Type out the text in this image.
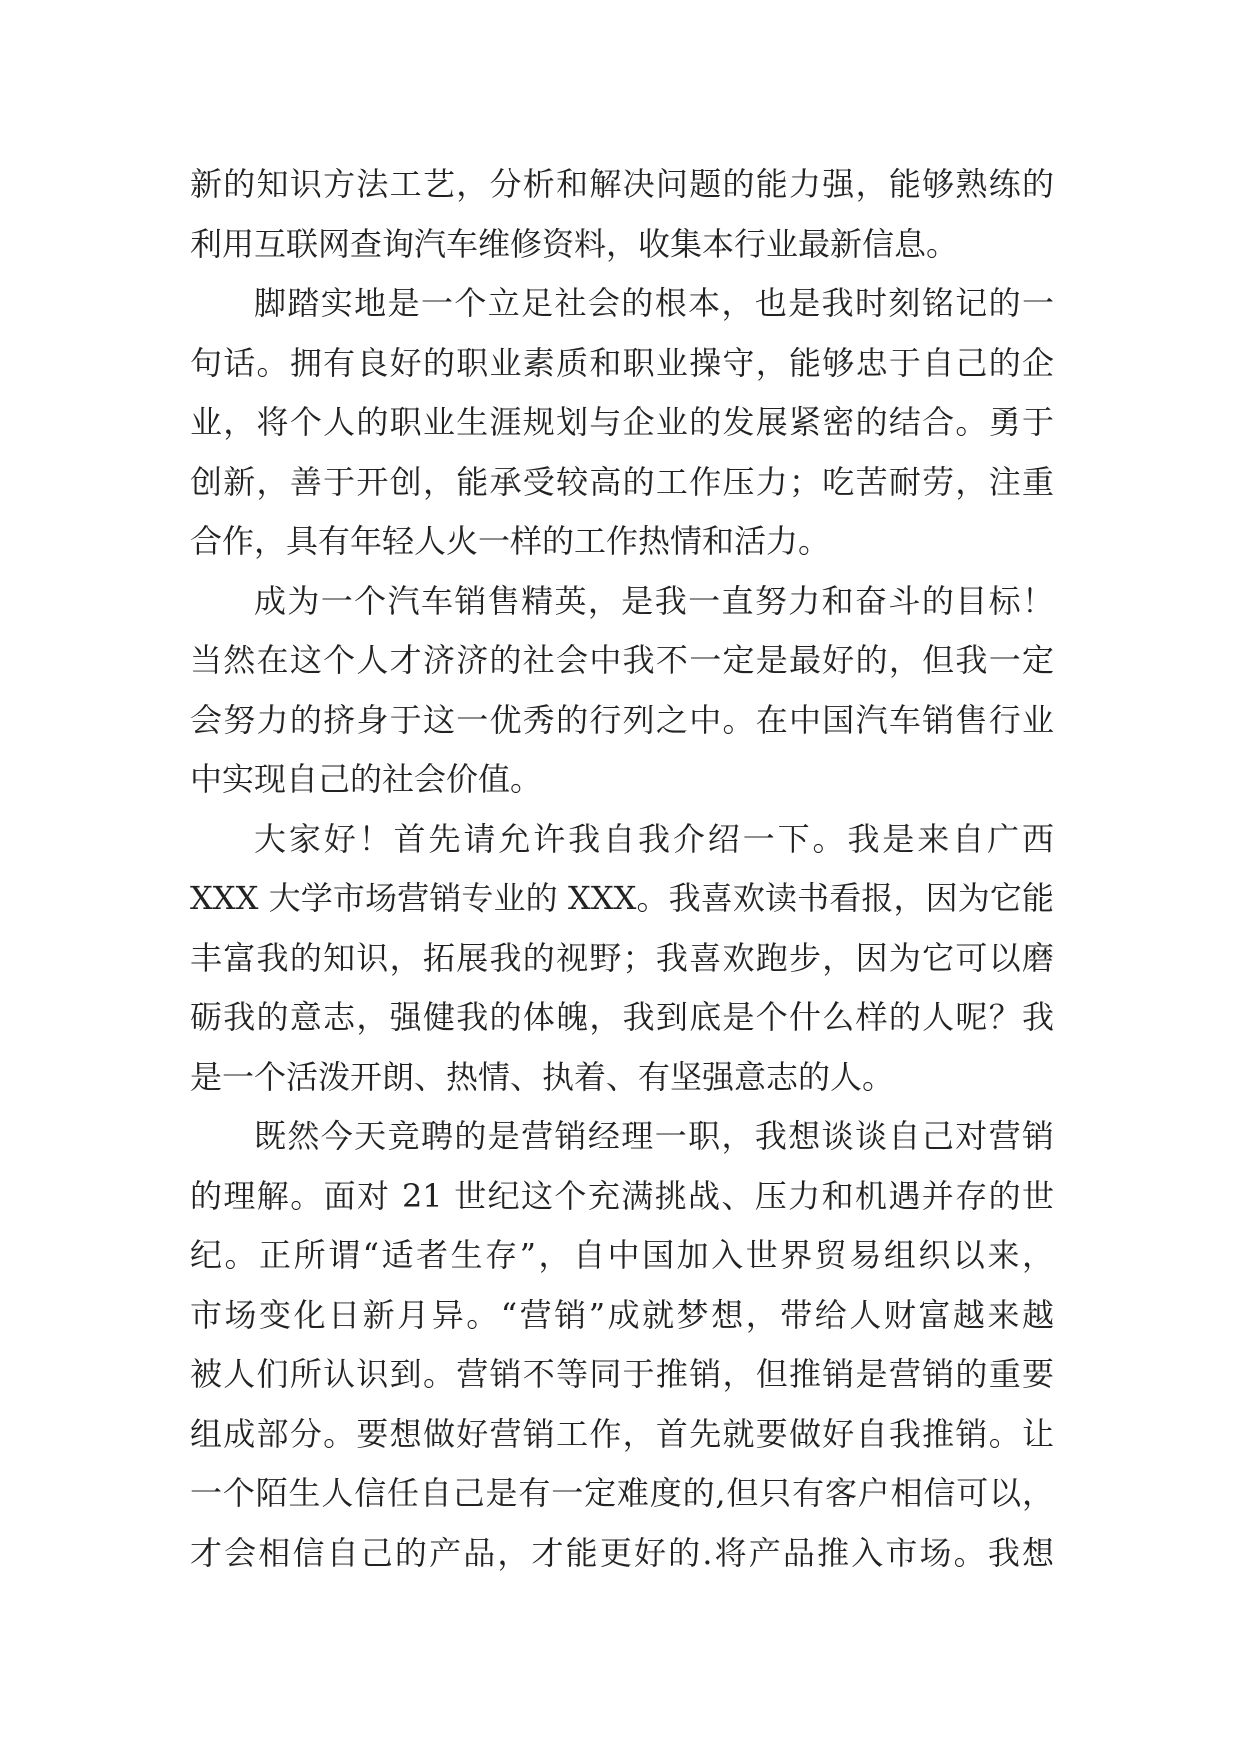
新的知识方法工艺，分析和解决问题的能力强，能够熟练的
利用互联网查询汽车维修资料，收集本行业最新信息。
脚踏实地是一个立足社会的根本，也是我时刻铭记的一
句话。拥有良好的职业素质和职业操守，能够忠于自己的企
业，将个人的职业生涯规划与企业的发展紧密的结合。勇于
创新，善于开创，能承受较高的工作压力；吃苦耐劳，注重
合作，具有年轻人火一样的工作热情和活力。
成为一个汽车销售精英，是我一直努力和奋斗的目标！
当然在这个人才济济的社会中我不一定是最好的，但我一定
会努力的挤身于这一优秀的行列之中。在中国汽车销售行业
中实现自己的社会价值。
大家好！首先请允许我自我介绍一下。我是来自广西
XXX 大学市场营销专业的 XXX。我喜欢读书看报，因为它能
丰富我的知识，拓展我的视野；我喜欢跑步，因为它可以磨
砺我的意志，强健我的体魄，我到底是个什么样的人呢？我
是一个活泼开朗、热情、执着、有坚强意志的人。
既然今天竞聘的是营销经理一职，我想谈谈自己对营销
的理解。面对 21 世纪这个充满挑战、压力和机遇并存的世
纪。正所谓“适者生存”，自中国加入世界贸易组织以来，
市场变化日新月异。“营销”成就梦想，带给人财富越来越
被人们所认识到。营销不等同于推销，但推销是营销的重要
组成部分。要想做好营销工作，首先就要做好自我推销。让
一个陌生人信任自己是有一定难度的,但只有客户相信可以，
才会相信自己的产品，才能更好的.将产品推入市场。我想
